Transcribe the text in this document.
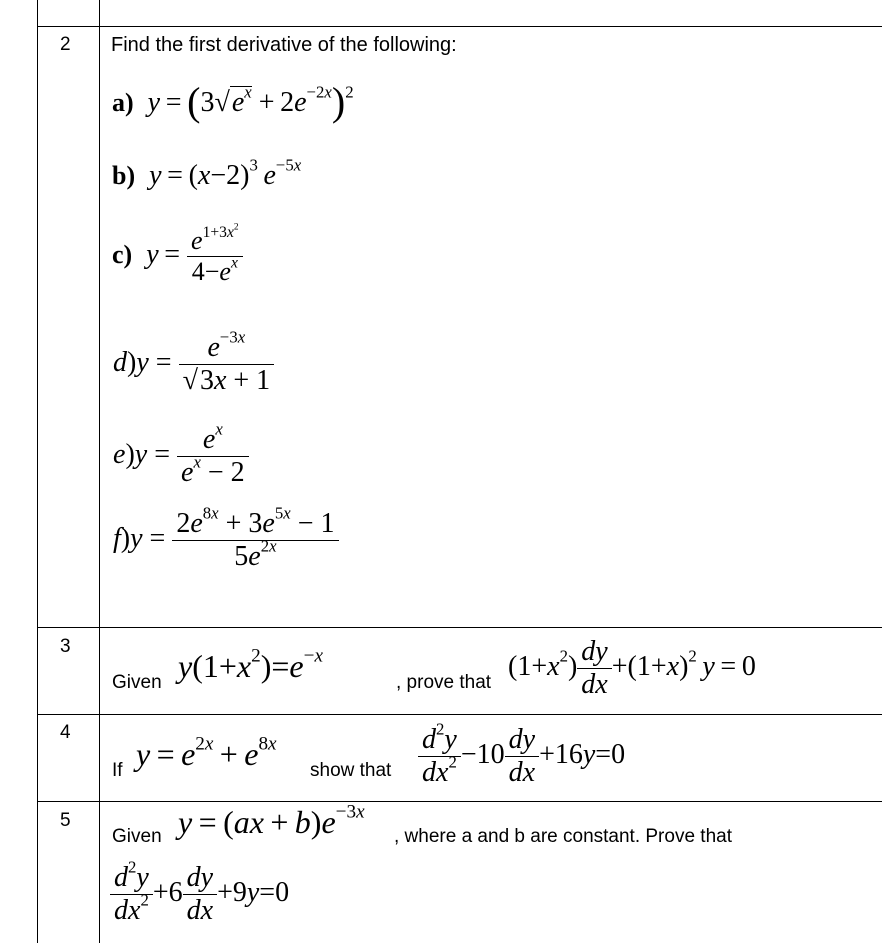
2 Find the first derivative of the following:
a) $y = (3√e^x + 2e^{-2x})^2$
b) $y = (x-2)^3$  $e^{-5x}$
c) $y = \frac{e^{1+3x^2}}{4-e^x}$
$d)y = \frac{e^{-3x}}{√3x + 1}$
$e)y = \frac{e^x}{e^x - 2}$
$f)y = \frac{2e^{8x} + 3e^{5x} - 1}{5e^{2x}}$
3
Given $y(1+x^2)=e^{-x}$
, prove that
$(1+x^2) \frac{dy}{dx} +(1+x)^2$  y = 0
4
If $y = e^{2x} + e^{8x}$
show that $\frac{d^2y}{dx^2} -10 \frac{dy}{dx} +16y=0$
5
Given $y = (ax + b)e^{-3x}$
, where a and b are constant. Prove that
$\frac{d^2y}{dx^2} +6 \frac{dy}{dx} +9y=0$
